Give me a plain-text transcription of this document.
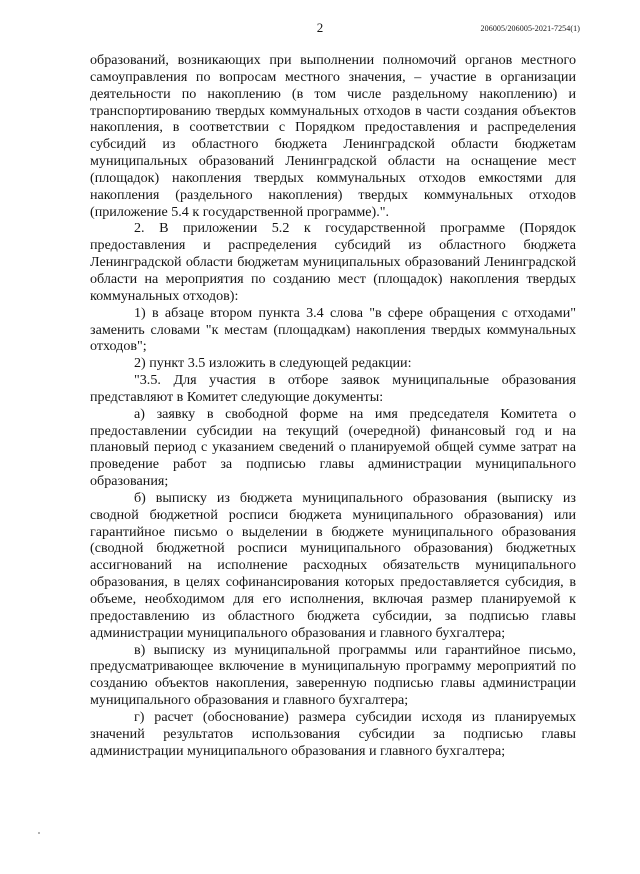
2	206005/206005-2021-7254(1)

образований, возникающих при выполнении полномочий органов местного самоуправления по вопросам местного значения, – участие в организации деятельности по накоплению (в том числе раздельному накоплению) и транспортированию твердых коммунальных отходов в части создания объектов накопления, в соответствии с Порядком предоставления и распределения субсидий из областного бюджета Ленинградской области бюджетам муниципальных образований Ленинградской области на оснащение мест (площадок) накопления твердых коммунальных отходов емкостями для накопления (раздельного накопления) твердых коммунальных отходов (приложение 5.4 к государственной программе).".

2. В приложении 5.2 к государственной программе (Порядок предоставления и распределения субсидий из областного бюджета Ленинградской области бюджетам муниципальных образований Ленинградской области на мероприятия по созданию мест (площадок) накопления твердых коммунальных отходов):

1) в абзаце втором пункта 3.4 слова "в сфере обращения с отходами" заменить словами "к местам (площадкам) накопления твердых коммунальных отходов";

2) пункт 3.5 изложить в следующей редакции:

"3.5. Для участия в отборе заявок муниципальные образования представляют в Комитет следующие документы:

а) заявку в свободной форме на имя председателя Комитета о предоставлении субсидии на текущий (очередной) финансовый год и на плановый период с указанием сведений о планируемой общей сумме затрат на проведение работ за подписью главы администрации муниципального образования;

б) выписку из бюджета муниципального образования (выписку из сводной бюджетной росписи бюджета муниципального образования) или гарантийное письмо о выделении в бюджете муниципального образования (сводной бюджетной росписи муниципального образования) бюджетных ассигнований на исполнение расходных обязательств муниципального образования, в целях софинансирования которых предоставляется субсидия, в объеме, необходимом для его исполнения, включая размер планируемой к предоставлению из областного бюджета субсидии, за подписью главы администрации муниципального образования и главного бухгалтера;

в) выписку из муниципальной программы или гарантийное письмо, предусматривающее включение в муниципальную программу мероприятий по созданию объектов накопления, заверенную подписью главы администрации муниципального образования и главного бухгалтера;

г) расчет (обоснование) размера субсидии исходя из планируемых значений результатов использования субсидии за подписью главы администрации муниципального образования и главного бухгалтера;
